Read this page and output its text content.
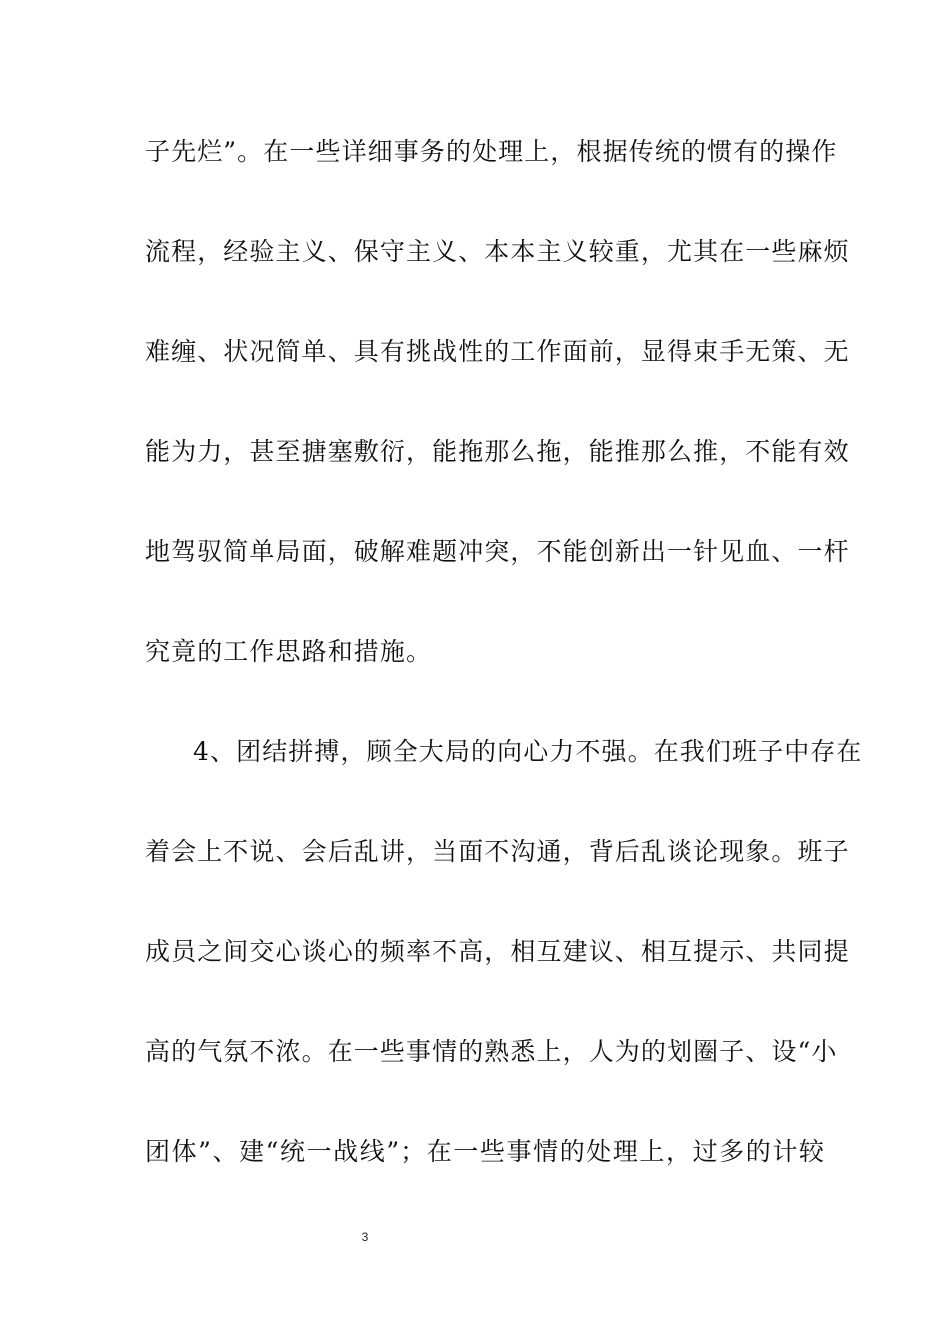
子先烂”。在一些详细事务的处理上，根据传统的惯有的操作
流程，经验主义、保守主义、本本主义较重，尤其在一些麻烦
难缠、状况简单、具有挑战性的工作面前，显得束手无策、无
能为力，甚至搪塞敷衍，能拖那么拖，能推那么推，不能有效
地驾驭简单局面，破解难题冲突，不能创新出一针见血、一杆
究竟的工作思路和措施。
4、团结拼搏，顾全大局的向心力不强。在我们班子中存在
着会上不说、会后乱讲，当面不沟通，背后乱谈论现象。班子
成员之间交心谈心的频率不高，相互建议、相互提示、共同提
高的气氛不浓。在一些事情的熟悉上，人为的划圈子、设“小
团体”、建“统一战线”；在一些事情的处理上，过多的计较
3
